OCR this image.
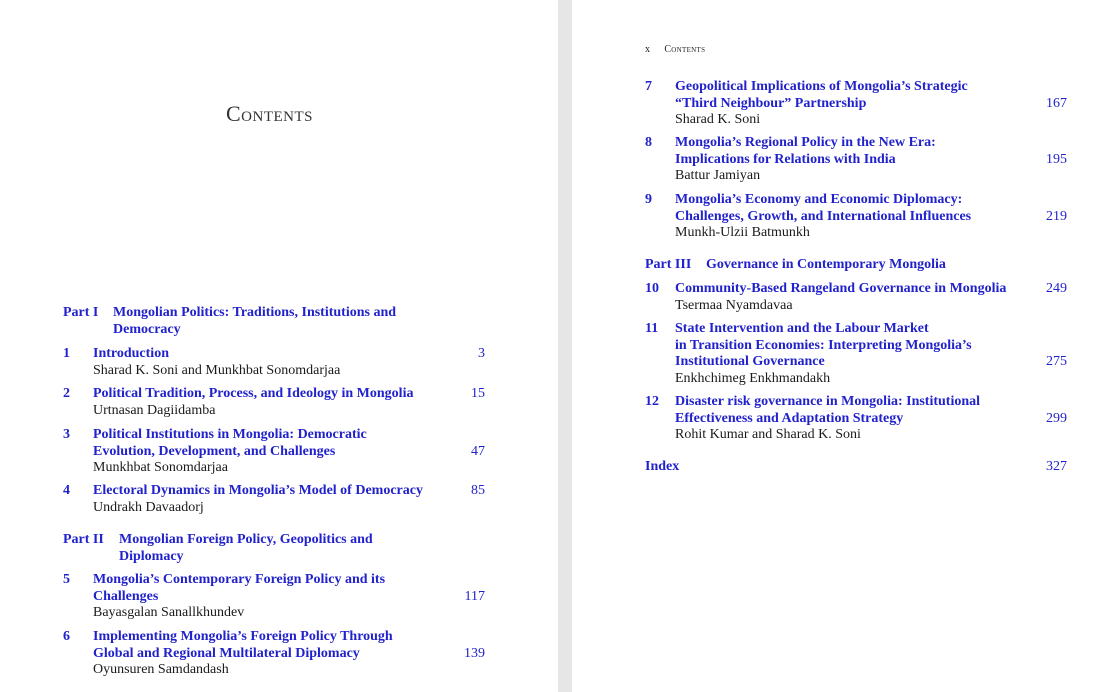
Contents
Part I Mongolian Politics: Traditions, Institutions and
Democracy
1 Introduction
Sharad K. Soni and Munkhbat Sonomdarjaa
3
2 Political Tradition, Process, and Ideology in Mongolia
Urtnasan Dagiidamba
15
3 Political Institutions in Mongolia: Democratic
Evolution, Development, and Challenges
Munkhbat Sonomdarjaa
47
4 Electoral Dynamics in Mongolia’s Model of Democracy
Undrakh Davaadorj
85
Part II Mongolian Foreign Policy, Geopolitics and
Diplomacy
5 Mongolia’s Contemporary Foreign Policy and its
Challenges
Bayasgalan Sanallkhundev
117
6 Implementing Mongolia’s Foreign Policy Through
Global and Regional Multilateral Diplomacy
Oyunsuren Samdandash
139
x Contents
7 Geopolitical Implications of Mongolia’s Strategic
“Third Neighbour” Partnership
Sharad K. Soni
167
8 Mongolia’s Regional Policy in the New Era:
Implications for Relations with India
Battur Jamiyan
195
9 Mongolia’s Economy and Economic Diplomacy:
Challenges, Growth, and International Influences
Munkh-Ulzii Batmunkh
219
Part III Governance in Contemporary Mongolia
10 Community-Based Rangeland Governance in Mongolia
Tsermaa Nyamdavaa
249
11 State Intervention and the Labour Market
in Transition Economies: Interpreting Mongolia’s
Institutional Governance
Enkhchimeg Enkhmandakh
275
12 Disaster risk governance in Mongolia: Institutional
Effectiveness and Adaptation Strategy
Rohit Kumar and Sharad K. Soni
299
Index	327
